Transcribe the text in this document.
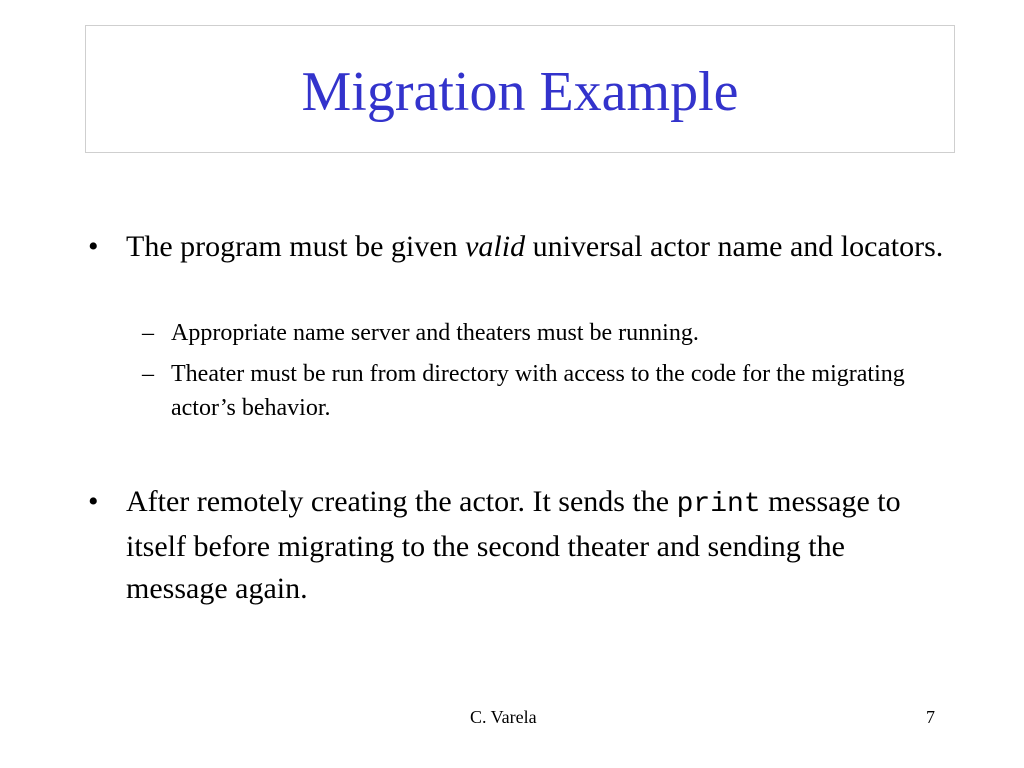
Migration Example
• The program must be given valid universal actor name and locators.
– Appropriate name server and theaters must be running.
– Theater must be run from directory with access to the code for the migrating actor’s behavior.
• After remotely creating the actor. It sends the print message to itself before migrating to the second theater and sending the message again.
C. Varela	7
